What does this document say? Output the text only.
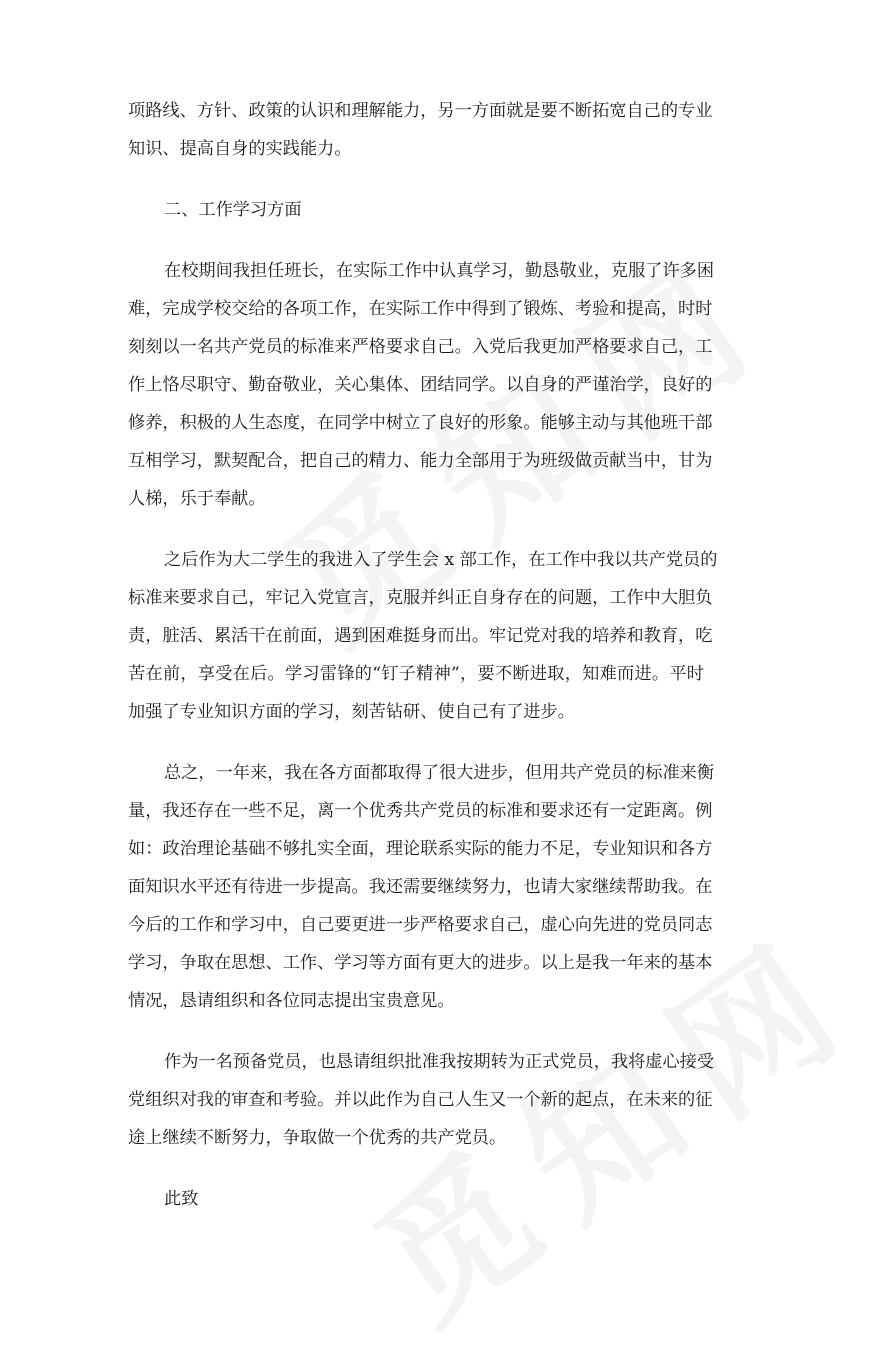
项路线、方针、政策的认识和理解能力，另一方面就是要不断拓宽自己的专业
知识、提高自身的实践能力。
二、工作学习方面
在校期间我担任班长，在实际工作中认真学习，勤恳敬业，克服了许多困
难，完成学校交给的各项工作，在实际工作中得到了锻炼、考验和提高，时时
刻刻以一名共产党员的标准来严格要求自己。入党后我更加严格要求自己，工
作上恪尽职守、勤奋敬业，关心集体、团结同学。以自身的严谨治学，良好的
修养，积极的人生态度，在同学中树立了良好的形象。能够主动与其他班干部
互相学习，默契配合，把自己的精力、能力全部用于为班级做贡献当中，甘为
人梯，乐于奉献。
之后作为大二学生的我进入了学生会 x 部工作，在工作中我以共产党员的
标准来要求自己，牢记入党宣言，克服并纠正自身存在的问题，工作中大胆负
责，脏活、累活干在前面，遇到困难挺身而出。牢记党对我的培养和教育，吃
苦在前，享受在后。学习雷锋的“钉子精神”，要不断进取，知难而进。平时
加强了专业知识方面的学习，刻苦钻研、使自己有了进步。
总之，一年来，我在各方面都取得了很大进步，但用共产党员的标准来衡
量，我还存在一些不足，离一个优秀共产党员的标准和要求还有一定距离。例
如：政治理论基础不够扎实全面，理论联系实际的能力不足，专业知识和各方
面知识水平还有待进一步提高。我还需要继续努力，也请大家继续帮助我。在
今后的工作和学习中，自己要更进一步严格要求自己，虚心向先进的党员同志
学习，争取在思想、工作、学习等方面有更大的进步。以上是我一年来的基本
情况，恳请组织和各位同志提出宝贵意见。
作为一名预备党员，也恳请组织批准我按期转为正式党员，我将虚心接受
党组织对我的审查和考验。并以此作为自己人生又一个新的起点，在未来的征
途上继续不断努力，争取做一个优秀的共产党员。
此致
